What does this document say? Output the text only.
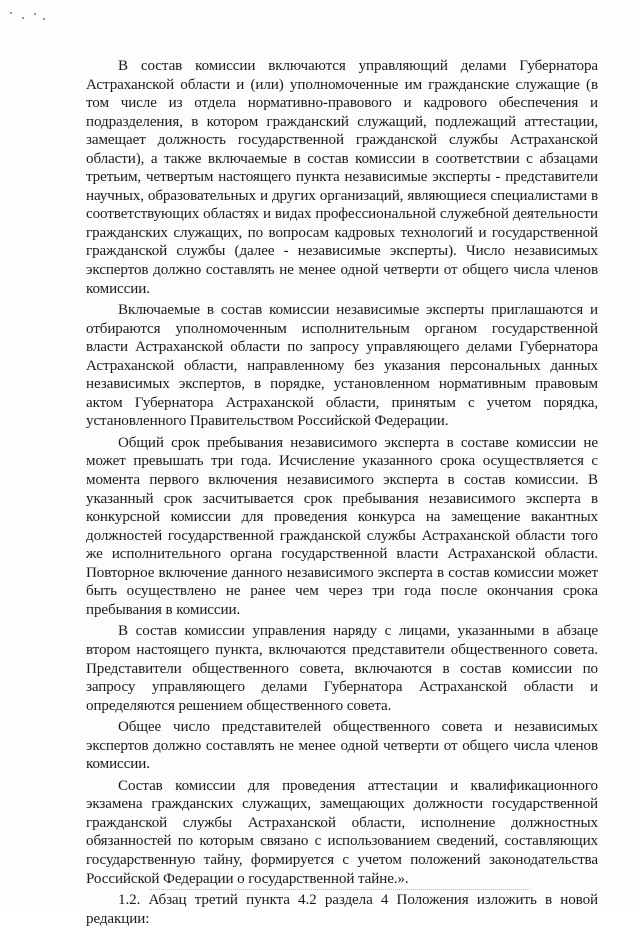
В состав комиссии включаются управляющий делами Губернатора Астраханской области и (или) уполномоченные им гражданские служащие (в том числе из отдела нормативно-правового и кадрового обеспечения и подразделения, в котором гражданский служащий, подлежащий аттестации, замещает должность государственной гражданской службы Астраханской области), а также включаемые в состав комиссии в соответствии с абзацами третьим, четвертым настоящего пункта независимые эксперты - представители научных, образовательных и других организаций, являющиеся специалистами в соответствующих областях и видах профессиональной служебной деятельности гражданских служащих, по вопросам кадровых технологий и государственной гражданской службы (далее - независимые эксперты). Число независимых экспертов должно составлять не менее одной четверти от общего числа членов комиссии.

Включаемые в состав комиссии независимые эксперты приглашаются и отбираются уполномоченным исполнительным органом государственной власти Астраханской области по запросу управляющего делами Губернатора Астраханской области, направленному без указания персональных данных независимых экспертов, в порядке, установленном нормативным правовым актом Губернатора Астраханской области, принятым с учетом порядка, установленного Правительством Российской Федерации.

Общий срок пребывания независимого эксперта в составе комиссии не может превышать три года. Исчисление указанного срока осуществляется с момента первого включения независимого эксперта в состав комиссии. В указанный срок засчитывается срок пребывания независимого эксперта в конкурсной комиссии для проведения конкурса на замещение вакантных должностей государственной гражданской службы Астраханской области того же исполнительного органа государственной власти Астраханской области. Повторное включение данного независимого эксперта в состав комиссии может быть осуществлено не ранее чем через три года после окончания срока пребывания в комиссии.

В состав комиссии управления наряду с лицами, указанными в абзаце втором настоящего пункта, включаются представители общественного совета. Представители общественного совета, включаются в состав комиссии по запросу управляющего делами Губернатора Астраханской области и определяются решением общественного совета.

Общее число представителей общественного совета и независимых экспертов должно составлять не менее одной четверти от общего числа членов комиссии.

Состав комиссии для проведения аттестации и квалификационного экзамена гражданских служащих, замещающих должности государственной гражданской службы Астраханской области, исполнение должностных обязанностей по которым связано с использованием сведений, составляющих государственную тайну, формируется с учетом положений законодательства Российской Федерации о государственной тайне.».

1.2. Абзац третий пункта 4.2 раздела 4 Положения изложить в новой редакции:
